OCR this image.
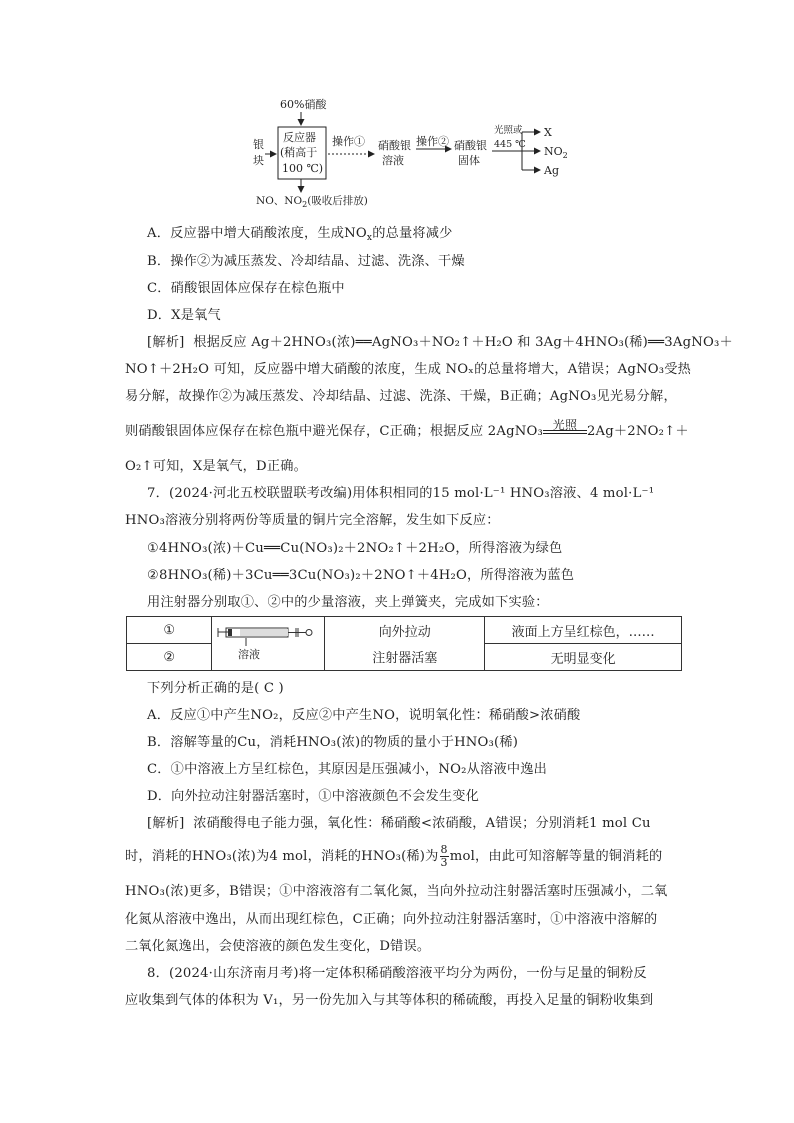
60%硝酸
银
块
反应器
(稍高于
100 ℃)
NO、$NO_2$(吸收后排放)
操作① 硝酸银
溶液
操作② 硝酸银
固体
光照或
445 ℃
X
$NO_2$
Ag
A．反应器中增大硝酸浓度，生成$NO_x$的总量将减少
B．操作②为减压蒸发、冷却结晶、过滤、洗涤、干燥
C．硝酸银固体应保存在棕色瓶中
D．X是氧气
[解析] 根据反应 Ag＋2HNO₃(浓)══AgNO₃＋NO₂↑＋H₂O 和 3Ag＋4HNO₃(稀)══3AgNO₃＋
NO↑＋2H₂O 可知，反应器中增大硝酸的浓度，生成 NOₓ的总量将增大，A错误；AgNO₃受热
易分解，故操作②为减压蒸发、冷却结晶、过滤、洗涤、干燥，B正确；AgNO₃见光易分解，
则硝酸银固体应保存在棕色瓶中避光保存，C正确；根据反应 2AgNO₃ 光照 2Ag＋2NO₂↑＋
O₂↑可知，X是氧气，D正确。
7．(2024·河北五校联盟联考改编)用体积相同的15 mol·L⁻¹ HNO₃溶液、4 mol·L⁻¹
HNO₃溶液分别将两份等质量的铜片完全溶解，发生如下反应：
①4HNO₃(浓)＋Cu══Cu(NO₃)₂＋2NO₂↑＋2H₂O，所得溶液为绿色
②8HNO₃(稀)＋3Cu══3Cu(NO₃)₂＋2NO↑＋4H₂O，所得溶液为蓝色
用注射器分别取①、②中的少量溶液，夹上弹簧夹，完成如下实验：
①	溶液	向外拉动	液面上方呈红棕色，……
②		注射器活塞	无明显变化
下列分析正确的是( C )
A．反应①中产生NO₂，反应②中产生NO，说明氧化性：稀硝酸>浓硝酸
B．溶解等量的Cu，消耗HNO₃(浓)的物质的量小于HNO₃(稀)
C．①中溶液上方呈红棕色，其原因是压强减小，NO₂从溶液中逸出
D．向外拉动注射器活塞时，①中溶液颜色不会发生变化
[解析] 浓硝酸得电子能力强，氧化性：稀硝酸<浓硝酸，A错误；分别消耗1 mol Cu
时，消耗的HNO₃(浓)为4 mol，消耗的HNO₃(稀)为 $\frac{8}{3}$ mol，由此可知溶解等量的铜消耗的
HNO₃(浓)更多，B错误；①中溶液溶有二氧化氮，当向外拉动注射器活塞时压强减小，二氧
化氮从溶液中逸出，从而出现红棕色，C正确；向外拉动注射器活塞时，①中溶液中溶解的
二氧化氮逸出，会使溶液的颜色发生变化，D错误。
8．(2024·山东济南月考)将一定体积稀硝酸溶液平均分为两份，一份与足量的铜粉反
应收集到气体的体积为 V₁，另一份先加入与其等体积的稀硫酸，再投入足量的铜粉收集到
